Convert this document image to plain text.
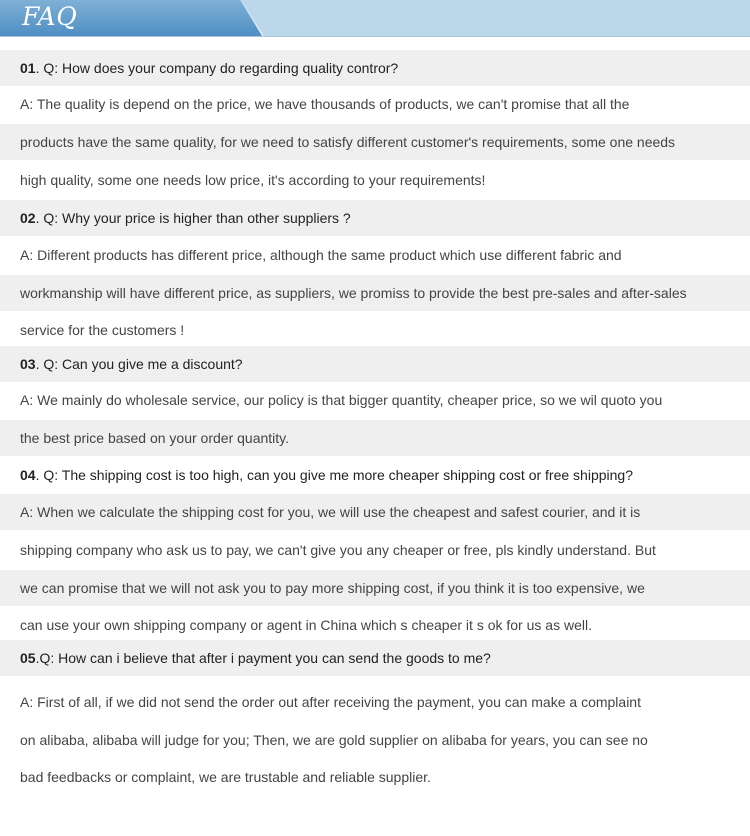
FAQ
01 . Q: How does your company do regarding quality contror?
A: The quality is depend on the price, we have thousands of products, we can't promise that all the
products have the same quality, for we need to satisfy different customer's requirements, some one needs
high quality, some one needs low price, it's according to your requirements!
02 . Q: Why your price is higher than other suppliers ?
A: Different products has different price, although the same product which use different fabric and
workmanship will have different price, as suppliers, we promiss to provide the best pre-sales and after-sales
service for the customers !
03 . Q: Can you give me a discount?
A: We mainly do wholesale service, our policy is that bigger quantity, cheaper price, so we wil quoto you
the best price based on your order quantity.
04 . Q: The shipping cost is too high, can you give me more cheaper shipping cost or free shipping?
A: When we calculate the shipping cost for you, we will use the cheapest and safest courier, and it is
shipping company who ask us to pay, we can't give you any cheaper or free, pls kindly understand. But
we can promise that we will not ask you to pay more shipping cost, if you think it is too expensive, we
can use your own shipping company or agent in China which s cheaper it s ok for us as well.
05 .Q: How can i believe that after i payment you can send the goods to me?
A: First of all, if we did not send the order out after receiving the payment, you can make a complaint
on alibaba, alibaba will judge for you; Then, we are gold supplier on alibaba for years, you can see no
bad feedbacks or complaint, we are trustable and reliable supplier.
